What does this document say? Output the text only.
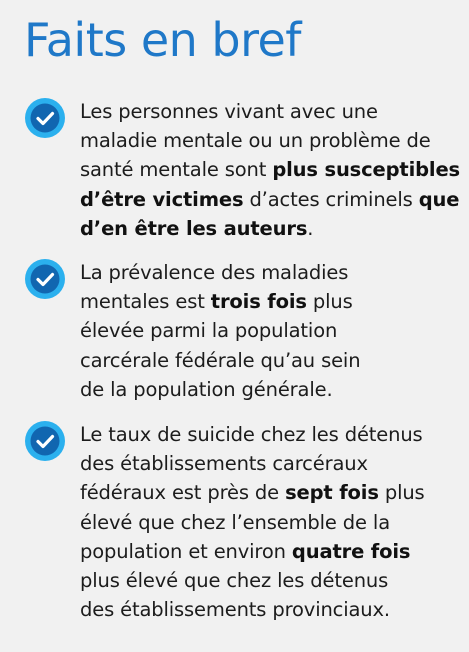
Faits en bref

Les personnes vivant avec une
maladie mentale ou un problème de
santé mentale sont plus susceptibles
d’être victimes d’actes criminels que
d’en être les auteurs.

La prévalence des maladies
mentales est trois fois plus
élevée parmi la population
carcérale fédérale qu’au sein
de la population générale.

Le taux de suicide chez les détenus
des établissements carcéraux
fédéraux est près de sept fois plus
élevé que chez l’ensemble de la
population et environ quatre fois
plus élevé que chez les détenus
des établissements provinciaux.
